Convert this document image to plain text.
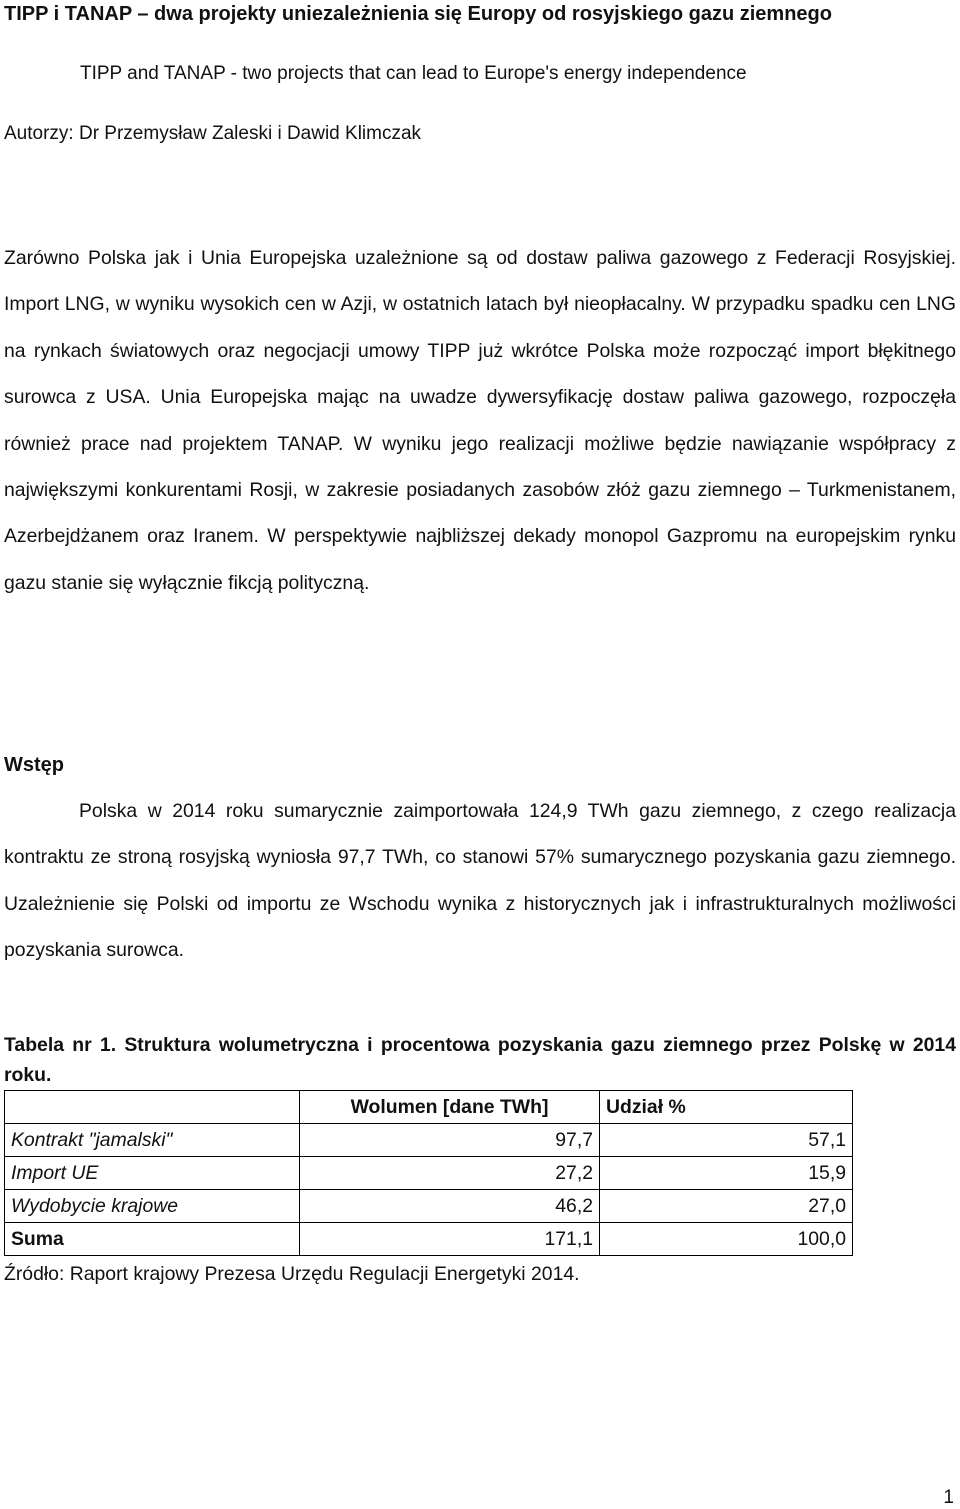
TIPP i TANAP – dwa projekty uniezależnienia się Europy od rosyjskiego gazu ziemnego

TIPP and TANAP - two projects that can lead to Europe's energy independence

Autorzy: Dr Przemysław Zaleski i Dawid Klimczak

Zarówno Polska jak i Unia Europejska uzależnione są od dostaw paliwa gazowego z Federacji Rosyjskiej. Import LNG, w wyniku wysokich cen w Azji, w ostatnich latach był nieopłacalny. W przypadku spadku cen LNG na rynkach światowych oraz negocjacji umowy TIPP już wkrótce Polska może rozpocząć import błękitnego surowca z USA. Unia Europejska mając na uwadze dywersyfikację dostaw paliwa gazowego, rozpoczęła również prace nad projektem TANAP. W wyniku jego realizacji możliwe będzie nawiązanie współpracy z największymi konkurentami Rosji, w zakresie posiadanych zasobów złóż gazu ziemnego – Turkmenistanem, Azerbejdżanem oraz Iranem. W perspektywie najbliższej dekady monopol Gazpromu na europejskim rynku gazu stanie się wyłącznie fikcją polityczną.

Wstęp

Polska w 2014 roku sumarycznie zaimportowała 124,9 TWh gazu ziemnego, z czego realizacja kontraktu ze stroną rosyjską wyniosła 97,7 TWh, co stanowi 57% sumarycznego pozyskania gazu ziemnego. Uzależnienie się Polski od importu ze Wschodu wynika z historycznych jak i infrastrukturalnych możliwości pozyskania surowca.

Tabela nr 1. Struktura wolumetryczna i procentowa pozyskania gazu ziemnego przez Polskę w 2014 roku.

	Wolumen [dane TWh]	Udział %
Kontrakt "jamalski"	97,7	57,1
Import UE	27,2	15,9
Wydobycie krajowe	46,2	27,0
Suma	171,1	100,0

Źródło: Raport krajowy Prezesa Urzędu Regulacji Energetyki 2014.

1
